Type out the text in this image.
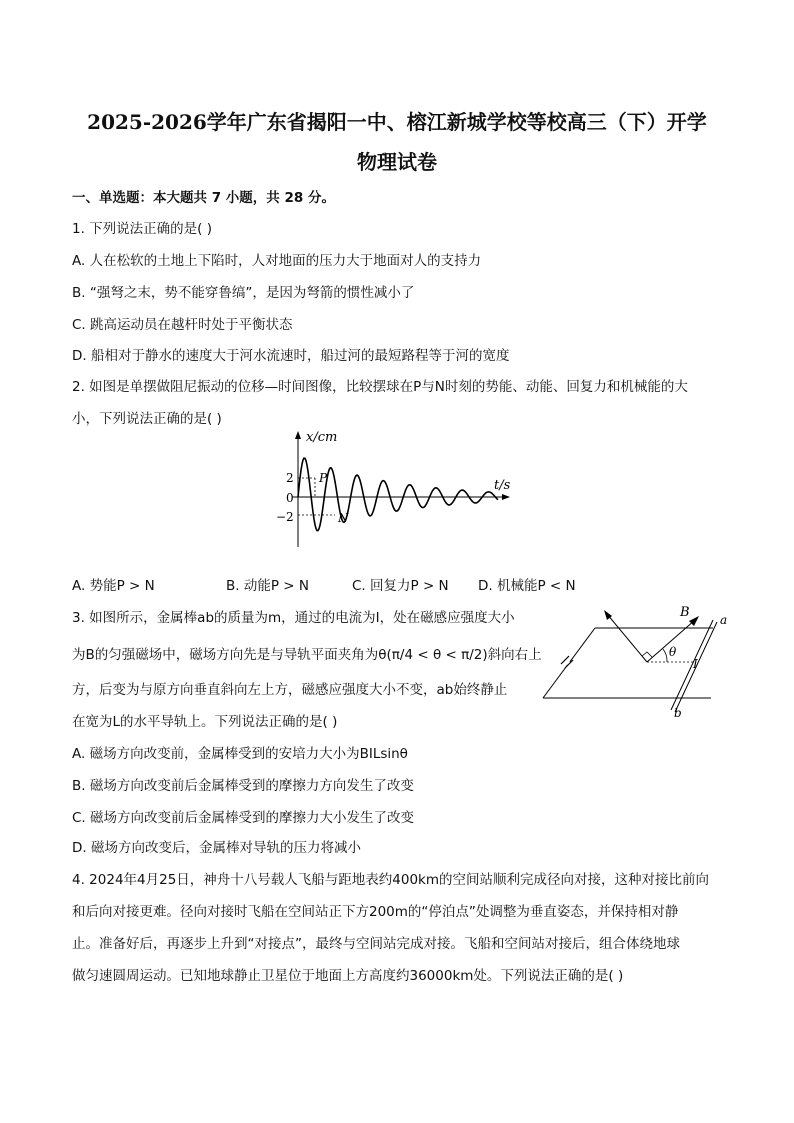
2025-2026学年广东省揭阳一中、榕江新城学校等校高三（下）开学
物理试卷
一、单选题：本大题共 7 小题，共 28 分。
1. 下列说法正确的是( )
A. 人在松软的土地上下陷时，人对地面的压力大于地面对人的支持力
B. “强弩之末，势不能穿鲁缟”，是因为弩箭的惯性减小了
C. 跳高运动员在越杆时处于平衡状态
D. 船相对于静水的速度大于河水流速时，船过河的最短路程等于河的宽度
2. 如图是单摆做阻尼振动的位移—时间图像，比较摆球在P与N时刻的势能、动能、回复力和机械能的大
小，下列说法正确的是( )
x/cm
t/s
2
0
−2
P
N
A. 势能P > N	B. 动能P > N	C. 回复力P > N D. 机械能P < N
3. 如图所示，金属棒ab的质量为m，通过的电流为I，处在磁感应强度大小
为B的匀强磁场中，磁场方向先是与导轨平面夹角为θ(π/4 < θ < π/2)斜向右上
方，后变为与原方向垂直斜向左上方，磁感应强度大小不变，ab始终静止
在宽为L的水平导轨上。下列说法正确的是( )
a
b
B
θ
I
A. 磁场方向改变前，金属棒受到的安培力大小为BILsinθ
B. 磁场方向改变前后金属棒受到的摩擦力方向发生了改变
C. 磁场方向改变前后金属棒受到的摩擦力大小发生了改变
D. 磁场方向改变后，金属棒对导轨的压力将减小
4. 2024年4月25日，神舟十八号载人飞船与距地表约400km的空间站顺利完成径向对接，这种对接比前向
和后向对接更难。径向对接时飞船在空间站正下方200m的“停泊点”处调整为垂直姿态，并保持相对静
止。准备好后，再逐步上升到“对接点”，最终与空间站完成对接。飞船和空间站对接后，组合体绕地球
做匀速圆周运动。已知地球静止卫星位于地面上方高度约36000km处。下列说法正确的是( )
